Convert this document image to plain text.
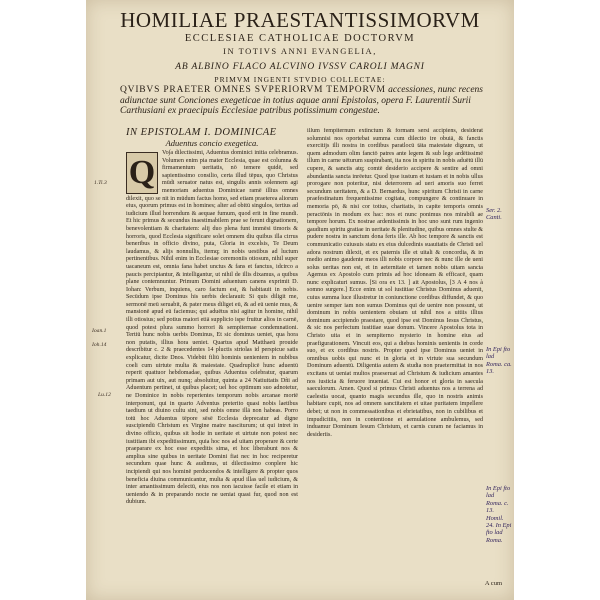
HOMILIAE PRAESTANTISSIMORVM
ECCLESIAE CATHOLICAE DOCTORVM
IN TOTIVS ANNI EVANGELIA,
AB ALBINO FLACO ALCVINO IVSSV CAROLI MAGNI
PRIMVM INGENTI STVDIO COLLECTAE:
QVIBVS PRAETER OMNES SVPERIORVM TEMPORVM accessiones, nunc recens adiunctae sunt Conciones exegeticae in totius aquae anni Epistolas, opera F. Laurentii Surii Carthusiani ex praecipuis Ecclesiae patribus potissimum congestae.
IN EPISTOLAM I. DOMINICAE
Aduentus concio exegetica.
Q
Vo∫a dilectissimi, Aduentus dominici initia celebramus. Volumen enim pia mater Ecclesia, quae est columna & firmamentum ueritatis, nō temere quidē, sed sapientissimo consilio, certa illud tēpus, quo Christus mūdi seruator natus est, singulis annis solennem agi memoriam aduentus Dominicae ramē illius omnes dilexit, quo se nit in mūdum factus homo, sed etiam praeterea aliorum eius, quorum primus est in homines; alter ad obitū singulos, tertius ad iudicium illud horrendum & aequae fumum, quod erit in fine mundi. Et hic primus & secundus inaestimabilem prae se ferunt dignationem, benevolentiam & charitatem: alij duo plena funt immēsi timoris & horroris, quod Ecclesia significare solet omnem diu quibus illa cirrus beneribus in officio divino, puta, Gloria in excelsis, Te Deum laudamus, & alijs nonnullis, itemq; in nobis uestibus ad luctum pertinentibus. Nihil enim in Ecclesiae ceremoniis otiosum, nihil super uacaneum est, omnia fana habet unctus & fans et fanctus, idcirco a paucis percipiantur, & intelligantur, ut nihil de illis dixamus, a quibus plane contemnuntur. Primum Domini aduentum canens exprimit D. Iohan: Verbum, inquiens, caro factum est, & habitauit in nobis. Secūdum ipse Dominus his uerbis declarauit: Si quis diligit me, sermonē meū seruabit, & pater meus diliget eū, & ad eū uenie mus, & mansionē apud eū faciemus; qui aduētus nisi agitur in homine, nihil illi otiosius; sed potius maiori etiā supplicio ispe fruitur alios in carnē, quod potest plura summo horrori & sempiternae condemnationi. Tertiū hunc nobis uerbis Dominus, Et sic dominus ueniet, qua hora non putatis, illius hora ueniet. Quartus apud Matthaeū prouide describitur c. 2 & praecedentes 14 pluctis striolas id perspicue satis explicatur, dicite Dnos. Videbūt filiū hominis uenientem in nubibus coeli cum uirtute multa & maiestate. Quadruplicē hunc aduentū reperit quattuor hebdomadae, quibus Aduentus celebratur, quarum primam aut uix, aut nunq; absoluitur, quinta a 24 Natiuitatis Dñi ad Aduentum pertinet, ut quibus placet; uel hoc optimum suo adnotetur, ne Dominice in nobis reperientes temporum nobis arcanae mortē interponunt, qui in quarto Adventus preterito quasi nobis laetibus taedium ut diuino cultu sint, sed nobis omne illā non habeas. Porro totū hoc Aduentus tēpore sēsē Ecclesia deprecatur ad digne suscipiendū Christum ex Virgine matre nasciturum; ut qui intret in divino officio, quibus sit hodie in ueritate et uirtute non potest nec iustitiam ibi expeditissimum, quia hoc nos ad uitam properare & certe praeparare ex hoc esse expeditis sima, et hoc liberabunt nos & amplius sine quibus in ueritate Domini fiat nec in hoc reciperetur secundum quae hunc & audimus, ut dilectissimo conplere hic incipiendi qui nos hominē perducendos & intelligere & propter quos beneficia diuina communicantur, multa & apud illas uel iudicium, & inter amantissimum delectū, eius nos non iacuisse facile et etiam in ueniendo & in preparando nocte ne ueniat quasi fur, quod non est dubium.
illum fempiternum extinctum & formam sersi accipiens, desiderat solumnisi nos oportebat summa cum dilectio ire obuiā, & fanctis exercitijs illi nostra in cordibus paratlocū tāta maiestate dignum, ut quem admodum olim fanctō patres ante legem & sub lege ardētissimē illum in carne uēturum suspirabant, ita nos in spiritu in nobis aduētū illū cupere, & sanctis atq; comtē desiderio accipere & sentire ad omni abundantia sancta inrēetur. Quod ipse iustum et iustam et in nobis ullus prorogare non poteritur, nisi deterrorem ad ueri amoris suo ferret secundum ueritatem, & a D. Bernardus, hunc spiritum Christi in carne praefestinatum frequentissime cogitata, compungere & continuare in memoria pō, & nisi cor totius, charitatis, in capite temporis omnis peractōnis in modum ex hac: nos et nunc ponimus nos mirabili ae tempore horum. Ex nostrae ardentissimis in hoc uno sunt rum ingenio gaudium spiritu gratiae in ueritate & plenitudine, quibus omnes stulte & pudere nostra in sanctum dona feris ille. Ab hoc tempore & sanctis est communicatio cuiusuis statu ex eius dulcedinis suauitatis de Christi uel adora nostrum dilexit, et ex paternis ille et uitali & concordia, & in medio animo gaudente meos illi nobis corpore nec & nunc ille de ueni solus ueritas non est, et in aeternitate et tamen nobis uitam sancta Agemus ex Apostolo cum primis ad hoc idoneam & efficacē, quam nunc explicaturi sumus. [Si ora ex 13. ] ait Apostolus, [3 A 4 nos à somno surgere.] Ecce enim ut sol iustitiae Christus Dominus aduenit, cuius summa luce illustretur in coniunctione cordibus diffundet, & quo uenire semper iam non sumus Dominus qui de uenire non possunt, ut dominum in nobis uenientem obuiam ut nihil nos a uitiis illius dominum accipiendo praestare, quod ipse est Dominus Iesus Christus, & sic nos perfectum iustitiae suae donum. Vincere Apostolus tota in Christo uita et in sempiterno mysterio in homine eius ad praefigurationem. Vincuit eos, qui a diebus hominis uenientis in corde suo, et ex cordibus nostris. Propter quod ipse Dominus ueniet in omnibus uobis qui nunc et in gloria et in virtute sua secundum Dominum aduentū. Diligentia autem & studia non praetermittat in nos excitans ut ueniat multos praeseruat ad Christum & iudicium amantes nos iusticia & feruore inueniat. Cui est honor et gloria in saecula saeculorum. Amen. Quod si primus Christi aduentus nos a terrena ad caelestia uocat, quanto magis secundus ille, quo in nostris animis habitare cupit, nos ad omnem sanctitatem et uitae puritatem impellere debet; ut non in commessationibus et ebrietatibus, non in cubilibus et impudicitiis, non in contentione et aemulatione ambulemus, sed induamur Dominum Iesum Christum, et carnis curam ne faciamus in desideriis.
1.Ti.3
Ioan.1
Ioh.14
Lu.12
Ser. 2. Canti.
In Epi fto lad Roma. ca. 13.
In Epi fto lad Roma. c. 13. Homil. 24. In Epi fto lad Roma.
A cum
